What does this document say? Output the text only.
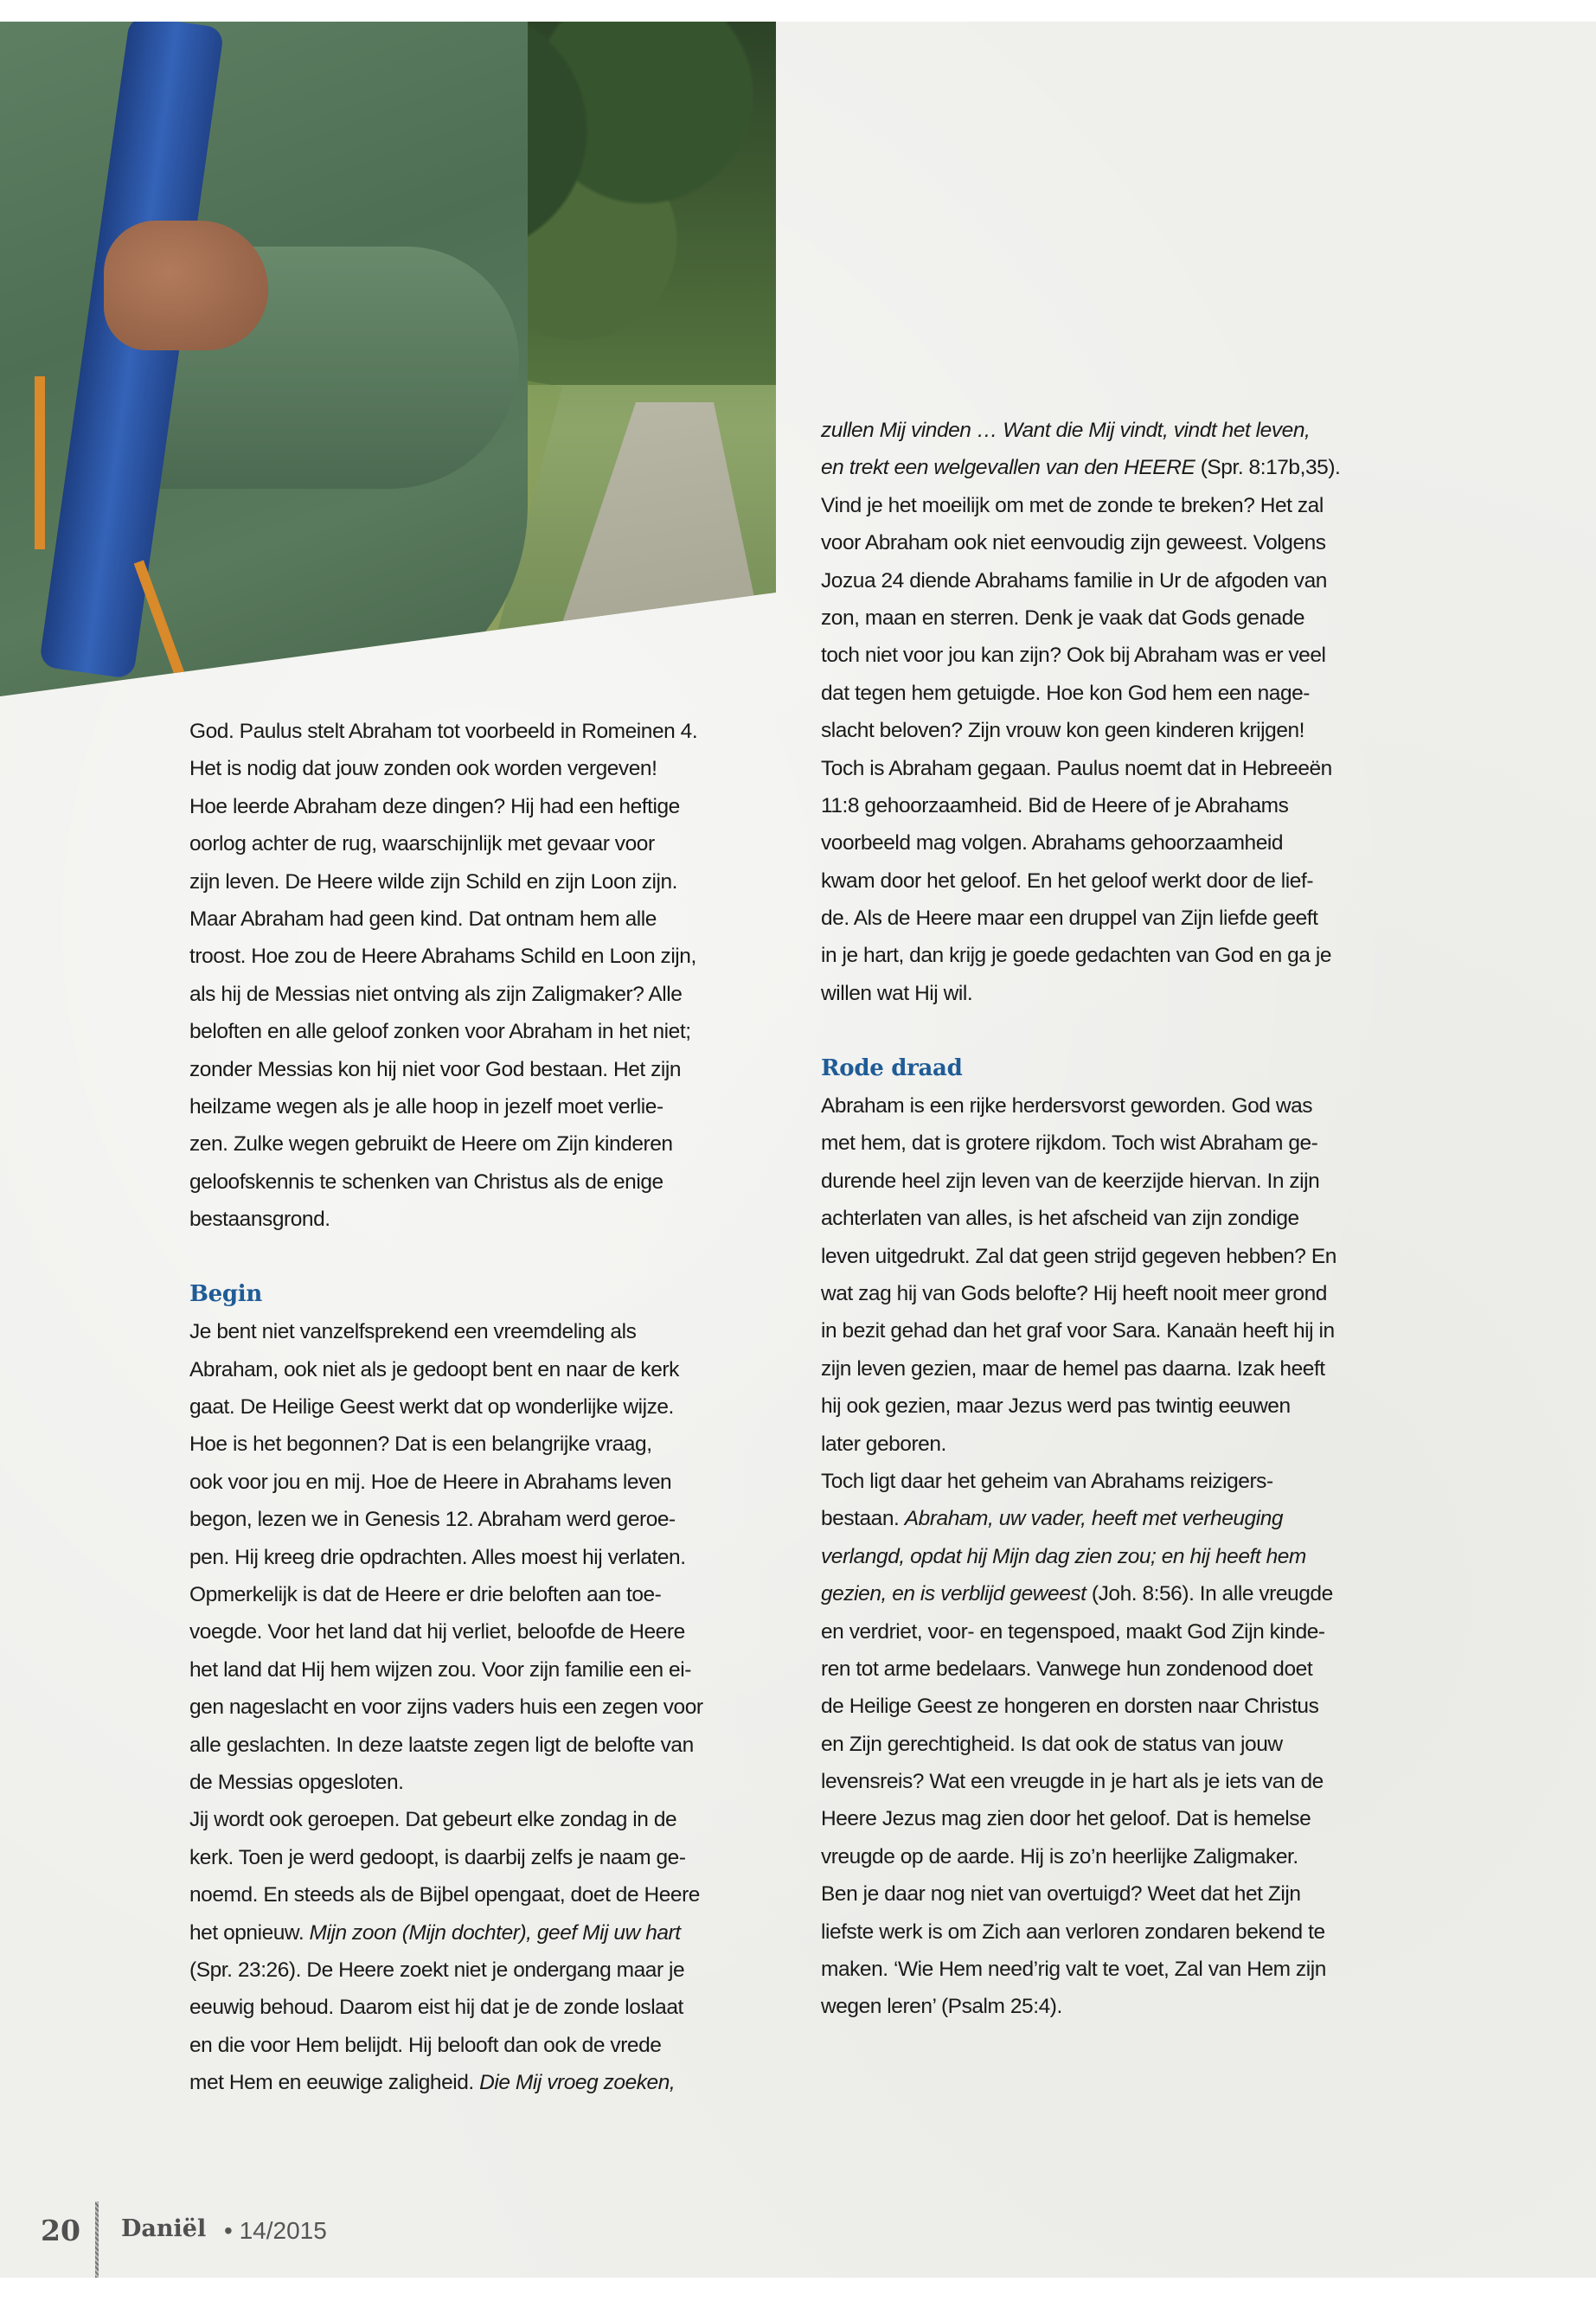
God. Paulus stelt Abraham tot voorbeeld in Romeinen 4.
Het is nodig dat jouw zonden ook worden vergeven!
Hoe leerde Abraham deze dingen? Hij had een heftige
oorlog achter de rug, waarschijnlijk met gevaar voor
zijn leven. De Heere wilde zijn Schild en zijn Loon zijn.
Maar Abraham had geen kind. Dat ontnam hem alle
troost. Hoe zou de Heere Abrahams Schild en Loon zijn,
als hij de Messias niet ontving als zijn Zaligmaker? Alle
beloften en alle geloof zonken voor Abraham in het niet;
zonder Messias kon hij niet voor God bestaan. Het zijn
heilzame wegen als je alle hoop in jezelf moet verlie-
zen. Zulke wegen gebruikt de Heere om Zijn kinderen
geloofskennis te schenken van Christus als de enige
bestaansgrond.
Begin
Je bent niet vanzelfsprekend een vreemdeling als
Abraham, ook niet als je gedoopt bent en naar de kerk
gaat. De Heilige Geest werkt dat op wonderlijke wijze.
Hoe is het begonnen? Dat is een belangrijke vraag,
ook voor jou en mij. Hoe de Heere in Abrahams leven
begon, lezen we in Genesis 12. Abraham werd geroe-
pen. Hij kreeg drie opdrachten. Alles moest hij verlaten.
Opmerkelijk is dat de Heere er drie beloften aan toe-
voegde. Voor het land dat hij verliet, beloofde de Heere
het land dat Hij hem wijzen zou. Voor zijn familie een ei-
gen nageslacht en voor zijns vaders huis een zegen voor
alle geslachten. In deze laatste zegen ligt de belofte van
de Messias opgesloten.
Jij wordt ook geroepen. Dat gebeurt elke zondag in de
kerk. Toen je werd gedoopt, is daarbij zelfs je naam ge-
noemd. En steeds als de Bijbel opengaat, doet de Heere
het opnieuw. Mijn zoon (Mijn dochter), geef Mij uw hart
(Spr. 23:26). De Heere zoekt niet je ondergang maar je
eeuwig behoud. Daarom eist hij dat je de zonde loslaat
en die voor Hem belijdt. Hij belooft dan ook de vrede
met Hem en eeuwige zaligheid. Die Mij vroeg zoeken,
zullen Mij vinden … Want die Mij vindt, vindt het leven,
en trekt een welgevallen van den HEERE (Spr. 8:17b,35).
Vind je het moeilijk om met de zonde te breken? Het zal
voor Abraham ook niet eenvoudig zijn geweest. Volgens
Jozua 24 diende Abrahams familie in Ur de afgoden van
zon, maan en sterren. Denk je vaak dat Gods genade
toch niet voor jou kan zijn? Ook bij Abraham was er veel
dat tegen hem getuigde. Hoe kon God hem een nage-
slacht beloven? Zijn vrouw kon geen kinderen krijgen!
Toch is Abraham gegaan. Paulus noemt dat in Hebreeën
11:8 gehoorzaamheid. Bid de Heere of je Abrahams
voorbeeld mag volgen. Abrahams gehoorzaamheid
kwam door het geloof. En het geloof werkt door de lief-
de. Als de Heere maar een druppel van Zijn liefde geeft
in je hart, dan krijg je goede gedachten van God en ga je
willen wat Hij wil.
Rode draad
Abraham is een rijke herdersvorst geworden. God was
met hem, dat is grotere rijkdom. Toch wist Abraham ge-
durende heel zijn leven van de keerzijde hiervan. In zijn
achterlaten van alles, is het afscheid van zijn zondige
leven uitgedrukt. Zal dat geen strijd gegeven hebben? En
wat zag hij van Gods belofte? Hij heeft nooit meer grond
in bezit gehad dan het graf voor Sara. Kanaän heeft hij in
zijn leven gezien, maar de hemel pas daarna. Izak heeft
hij ook gezien, maar Jezus werd pas twintig eeuwen
later geboren.
Toch ligt daar het geheim van Abrahams reizigers-
bestaan. Abraham, uw vader, heeft met verheuging
verlangd, opdat hij Mijn dag zien zou; en hij heeft hem
gezien, en is verblijd geweest (Joh. 8:56). In alle vreugde
en verdriet, voor- en tegenspoed, maakt God Zijn kinde-
ren tot arme bedelaars. Vanwege hun zondenood doet
de Heilige Geest ze hongeren en dorsten naar Christus
en Zijn gerechtigheid. Is dat ook de status van jouw
levensreis? Wat een vreugde in je hart als je iets van de
Heere Jezus mag zien door het geloof. Dat is hemelse
vreugde op de aarde. Hij is zo’n heerlijke Zaligmaker.
Ben je daar nog niet van overtuigd? Weet dat het Zijn
liefste werk is om Zich aan verloren zondaren bekend te
maken. ‘Wie Hem need’rig valt te voet, Zal van Hem zijn
wegen leren’ (Psalm 25:4).
20 Daniël • 14/2015
